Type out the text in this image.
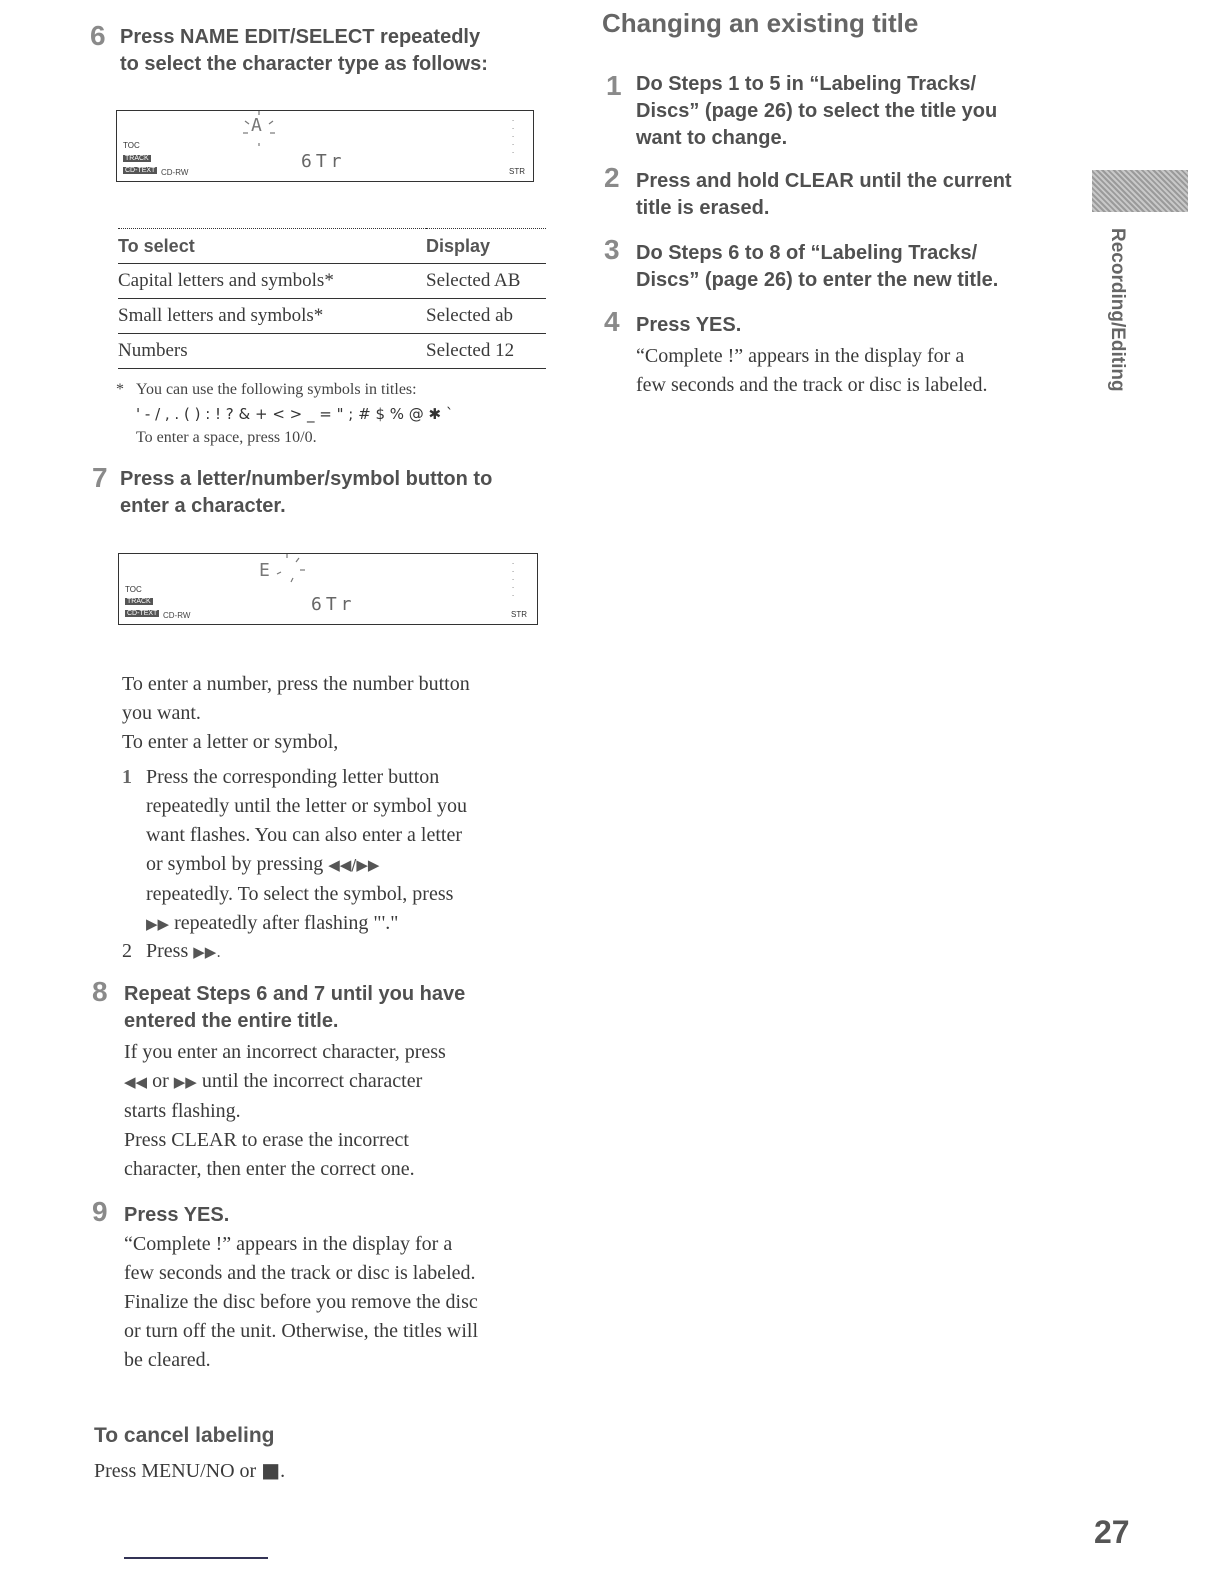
6 Press NAME EDIT/SELECT repeatedly
to select the character type as follows:
TOC
TRACK
CD-TEXT CD-RW
A
6Tr
·
·
·
·
·
STR
To select	Display
Capital letters and symbols*	Selected AB
Small letters and symbols*	Selected ab
Numbers	Selected 12
* You can use the following symbols in titles:
' - / , . ( ) : ! ? & + < > _ = " ; # $ % @ ✱ `
To enter a space, press 10/0.
7 Press a letter/number/symbol button to
enter a character.
TOC
TRACK
CD-TEXT CD-RW
E
6Tr
·
·
·
·
·
STR
To enter a number, press the number button
you want.
To enter a letter or symbol,
1 Press the corresponding letter button
repeatedly until the letter or symbol you
want flashes. You can also enter a letter
or symbol by pressing ◀◀/▶▶
repeatedly. To select the symbol, press
▶▶ repeatedly after flashing "'."
2 Press ▶▶.
8 Repeat Steps 6 and 7 until you have
entered the entire title.
If you enter an incorrect character, press
◀◀ or ▶▶ until the incorrect character
starts flashing.
Press CLEAR to erase the incorrect
character, then enter the correct one.
9 Press YES.
“Complete !” appears in the display for a
few seconds and the track or disc is labeled.
Finalize the disc before you remove the disc
or turn off the unit. Otherwise, the titles will
be cleared.
To cancel labeling
Press MENU/NO or ■.
Changing an existing title
1 Do Steps 1 to 5 in “Labeling Tracks/
Discs” (page 26) to select the title you
want to change.
2 Press and hold CLEAR until the current
title is erased.
3 Do Steps 6 to 8 of “Labeling Tracks/
Discs” (page 26) to enter the new title.
4 Press YES.
“Complete !” appears in the display for a
few seconds and the track or disc is labeled.	Recording/Editing
27
